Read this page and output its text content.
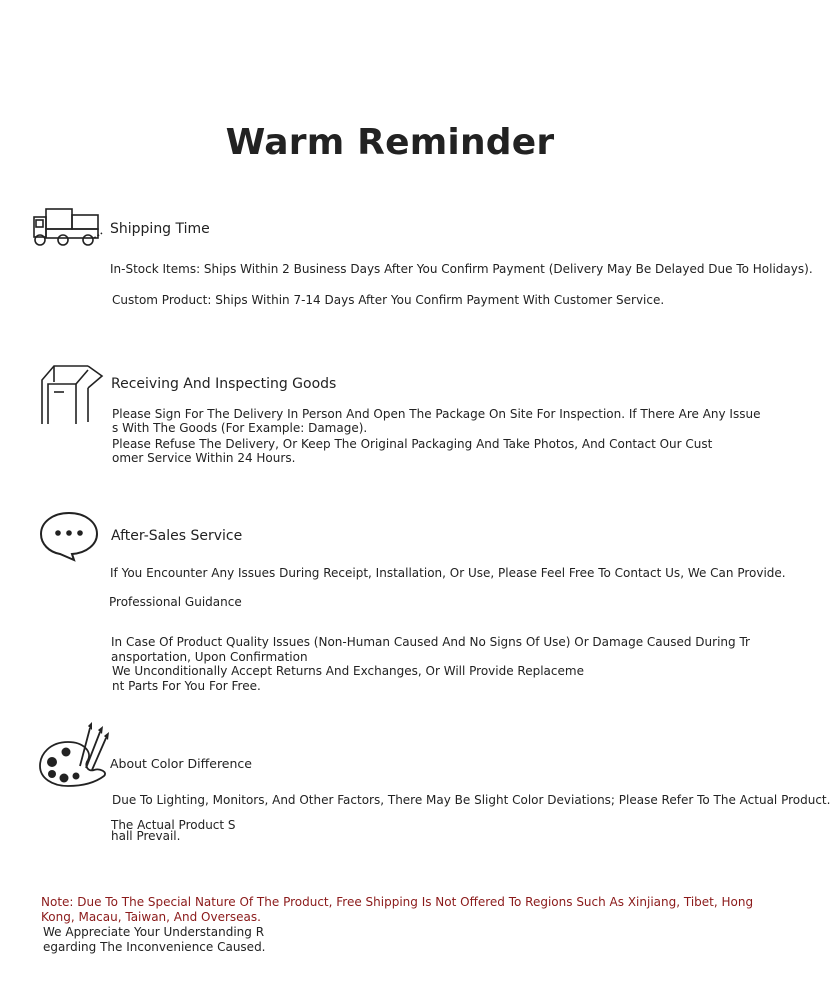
Warm Reminder
Shipping Time
In-Stock Items: Ships Within 2 Business Days After You Confirm Payment (Delivery May Be Delayed Due To Holidays).
Custom Product: Ships Within 7-14 Days After You Confirm Payment With Customer Service.
Receiving And Inspecting Goods
Please Sign For The Delivery In Person And Open The Package On Site For Inspection. If There Are Any Issue
s With The Goods (For Example: Damage).
Please Refuse The Delivery, Or Keep The Original Packaging And Take Photos, And Contact Our Cust
omer Service Within 24 Hours.
After-Sales Service
If You Encounter Any Issues During Receipt, Installation, Or Use, Please Feel Free To Contact Us, We Can Provide.
Professional Guidance
In Case Of Product Quality Issues (Non-Human Caused And No Signs Of Use) Or Damage Caused During Tr
ansportation, Upon Confirmation
We Unconditionally Accept Returns And Exchanges, Or Will Provide Replaceme
nt Parts For You For Free.
About Color Difference
Due To Lighting, Monitors, And Other Factors, There May Be Slight Color Deviations; Please Refer To The Actual Product.
The Actual Product S
hall Prevail.
Note: Due To The Special Nature Of The Product, Free Shipping Is Not Offered To Regions Such As Xinjiang, Tibet, Hong
Kong, Macau, Taiwan, And Overseas.
We Appreciate Your Understanding R
egarding The Inconvenience Caused.
